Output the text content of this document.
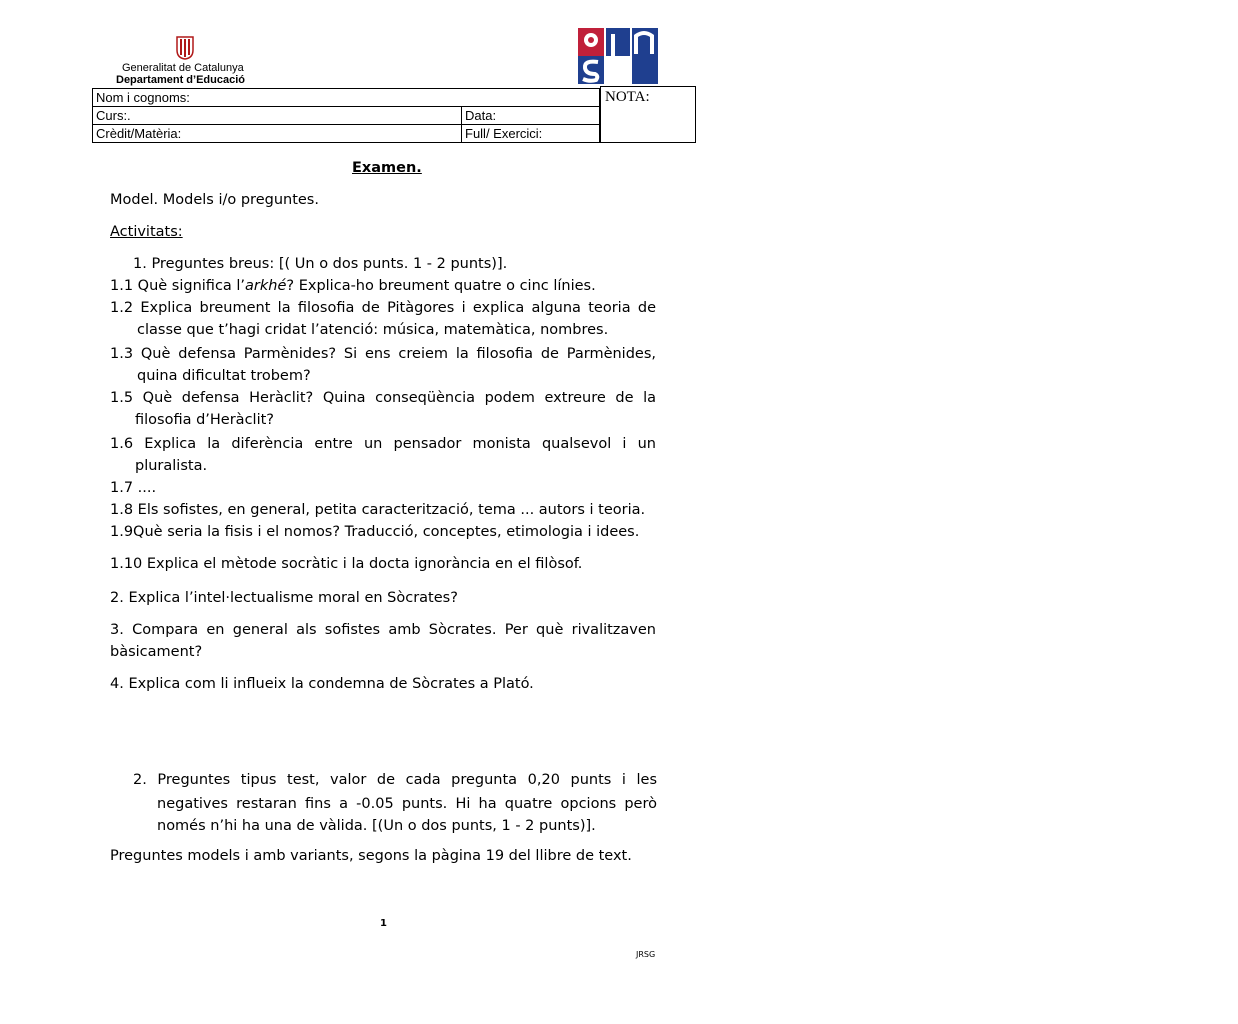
Generalitat de Catalunya
Departament d’Educació
Fonts
del
Glorieta
Nom i cognoms:	
Curs:.	Data:
Crèdit/Matèria:	Full/ Exercici:
NOTA:
Examen.
Model. Models i/o preguntes.
Activitats:
1. Preguntes breus: [( Un o dos punts. 1 - 2 punts)].
1.1 Què significa l’arkhé? Explica-ho breument quatre o cinc línies.
1.2 Explica breument la filosofia de Pitàgores i explica alguna teoria de
classe que t’hagi cridat l’atenció: música, matemàtica, nombres.
1.3 Què defensa Parmènides? Si ens creiem la filosofia de Parmènides,
quina dificultat trobem?
1.5 Què defensa Heràclit? Quina conseqüència podem extreure de la
filosofia d’Heràclit?
1.6 Explica la diferència entre un pensador monista qualsevol i un
pluralista.
1.7 ....
1.8 Els sofistes, en general, petita caracterització, tema ... autors i teoria.
1.9Què seria la fisis i el nomos? Traducció, conceptes, etimologia i idees.
1.10 Explica el mètode socràtic i la docta ignorància en el filòsof.
2. Explica l’intel·lectualisme moral en Sòcrates?
3. Compara en general als sofistes amb Sòcrates. Per què rivalitzaven
bàsicament?
4. Explica com li influeix la condemna de Sòcrates a Plató.
2. Preguntes tipus test, valor de cada pregunta 0,20 punts i les
negatives restaran fins a -0.05 punts. Hi ha quatre opcions però
només n’hi ha una de vàlida. [(Un o dos punts, 1 - 2 punts)].
Preguntes models i amb variants, segons la pàgina 19 del llibre de text.
1
JRSG
